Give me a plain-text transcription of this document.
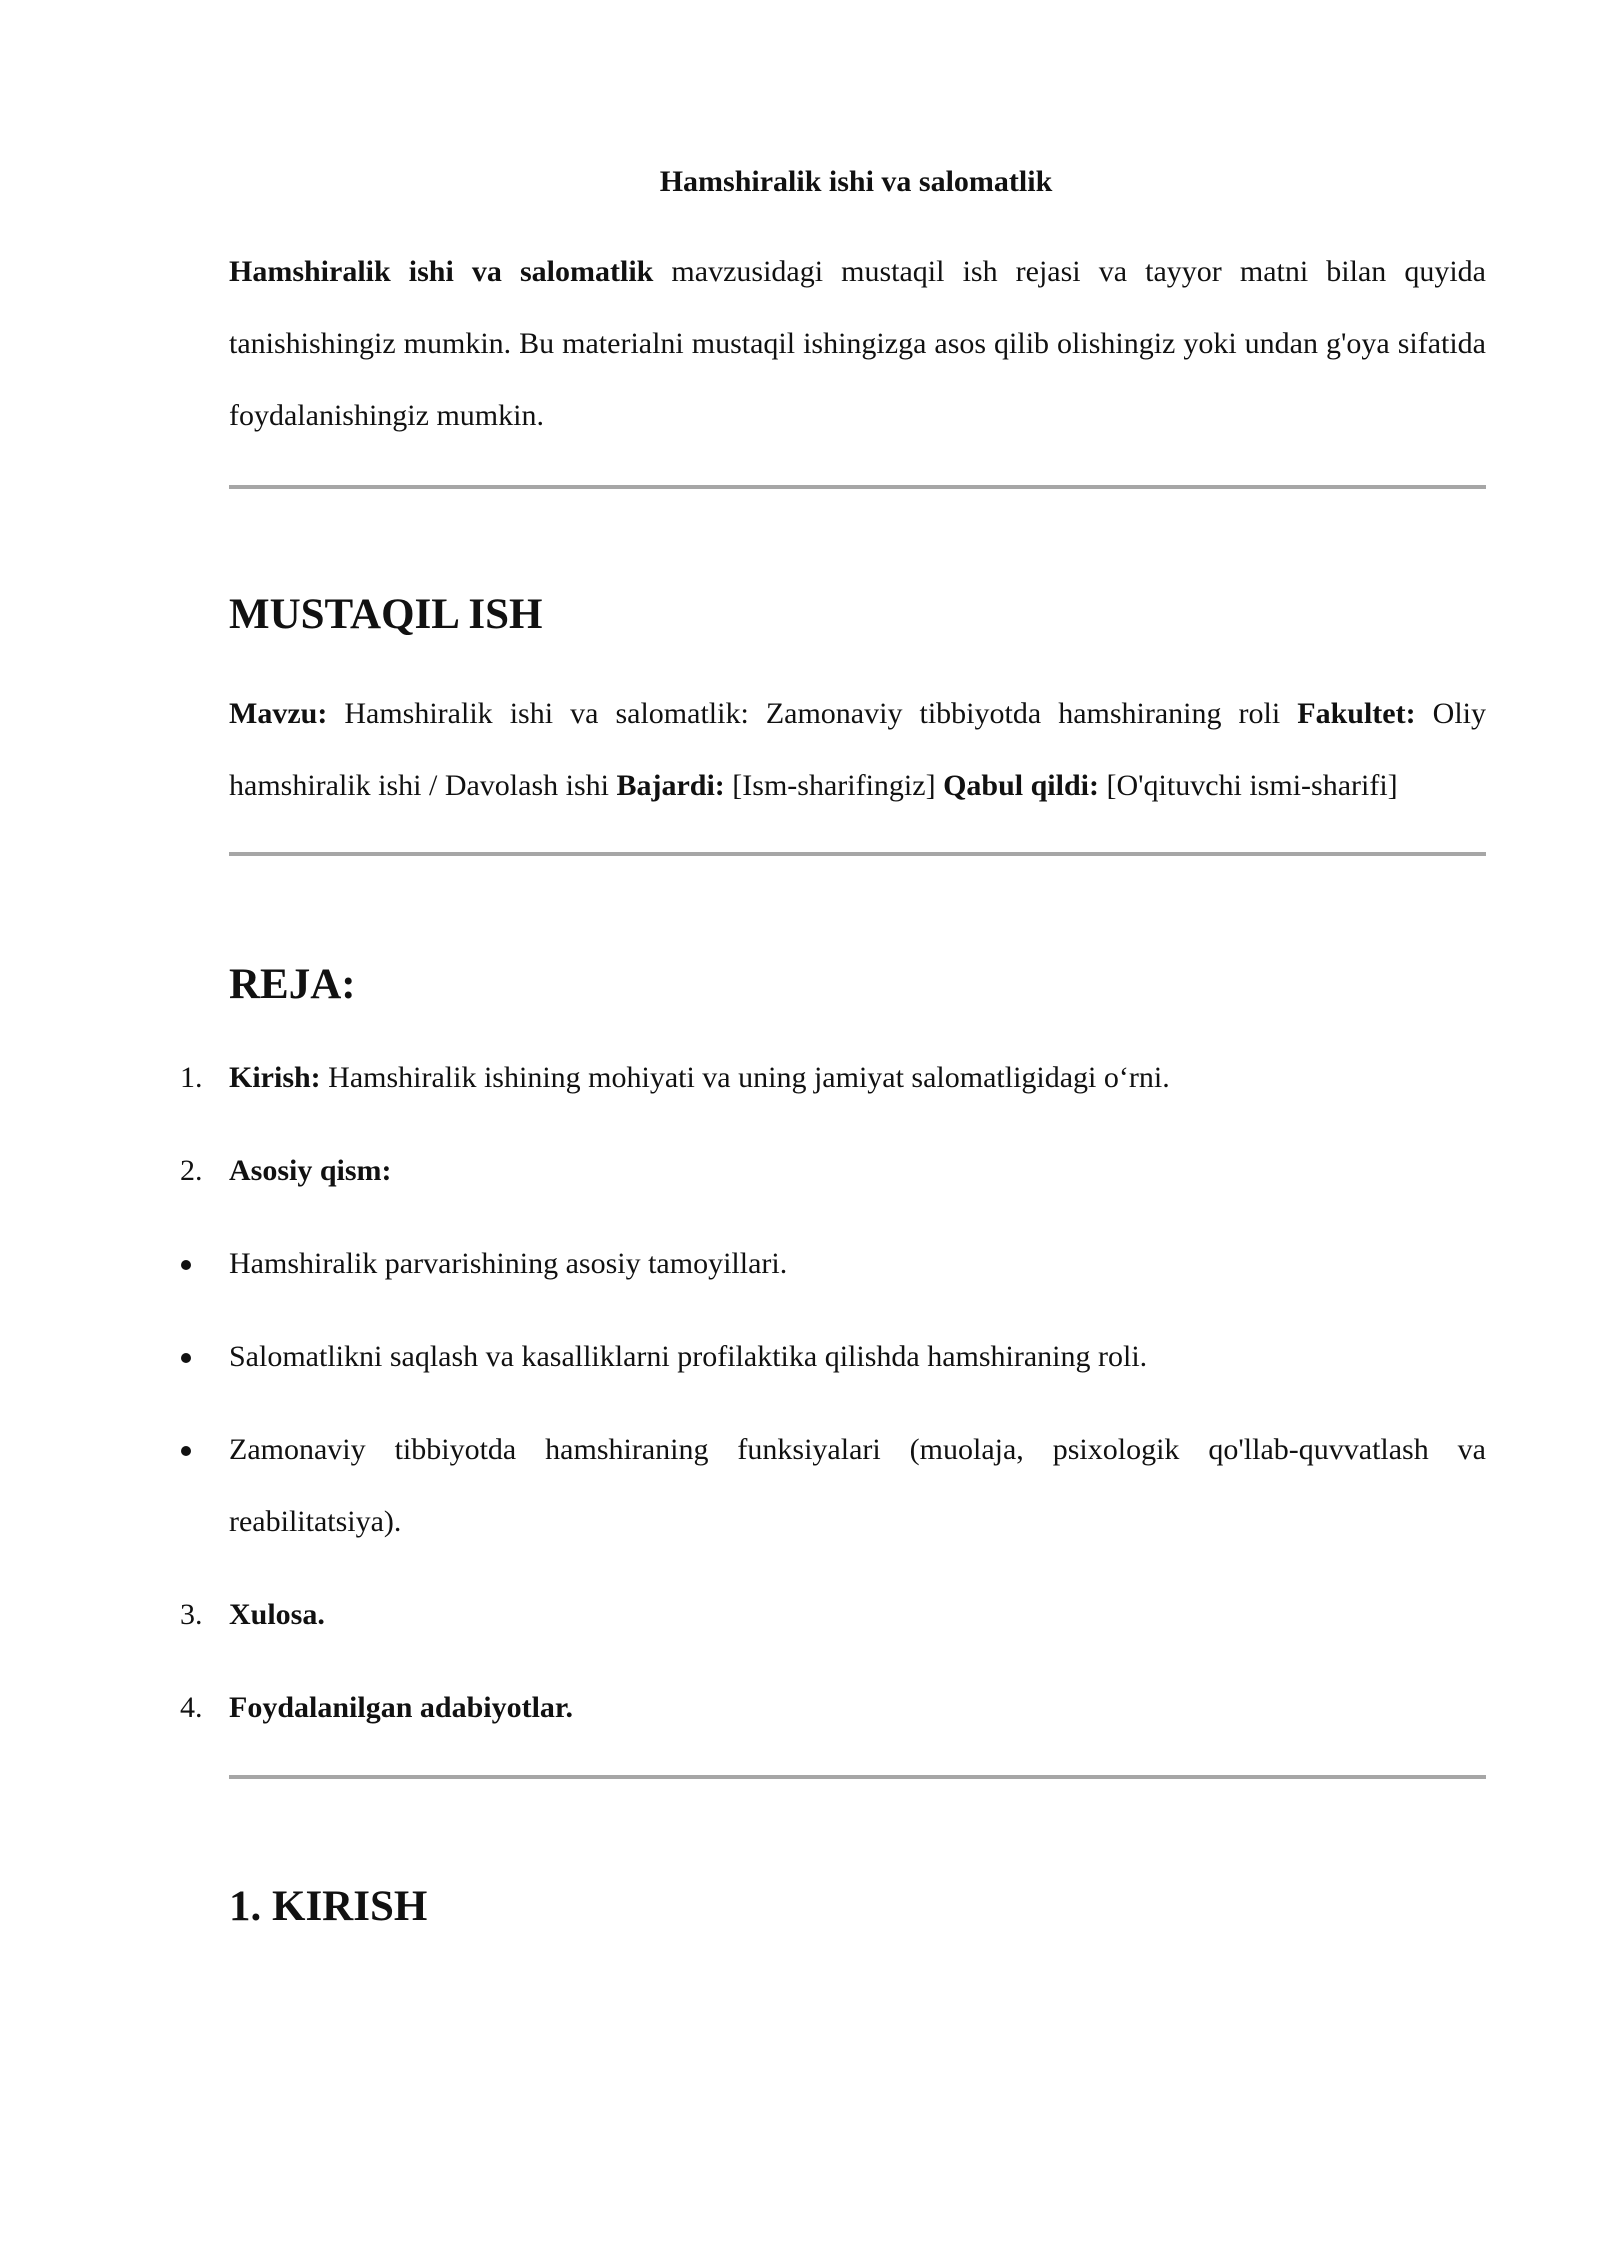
Hamshiralik ishi va salomatlik

Hamshiralik ishi va salomatlik mavzusidagi mustaqil ish rejasi va tayyor matni bilan quyida tanishishingiz mumkin. Bu materialni mustaqil ishingizga asos qilib olishingiz yoki undan g'oya sifatida foydalanishingiz mumkin.

MUSTAQIL ISH

Mavzu: Hamshiralik ishi va salomatlik: Zamonaviy tibbiyotda hamshiraning roli Fakultet: Oliy hamshiralik ishi / Davolash ishi Bajardi: [Ism-sharifingiz] Qabul qildi: [O'qituvchi ismi-sharifi]

REJA:
1. Kirish: Hamshiralik ishining mohiyati va uning jamiyat salomatligidagi o‘rni.
2. Asosiy qism:
Hamshiralik parvarishining asosiy tamoyillari.
Salomatlikni saqlash va kasalliklarni profilaktika qilishda hamshiraning roli.
Zamonaviy tibbiyotda hamshiraning funksiyalari (muolaja, psixologik qo'llab-quvvatlash va reabilitatsiya).
3. Xulosa.
4. Foydalanilgan adabiyotlar.
1. KIRISH
